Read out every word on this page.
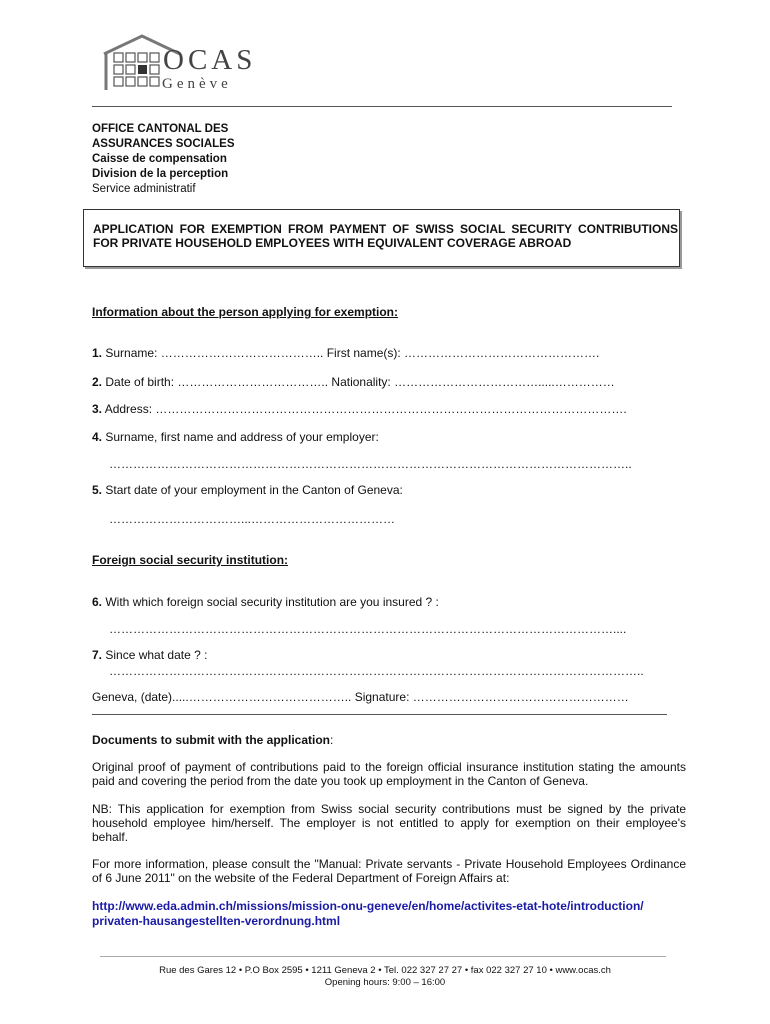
OCAS
Genève
OFFICE CANTONAL DES
ASSURANCES SOCIALES
Caisse de compensation
Division de la perception
Service administratif
APPLICATION FOR EXEMPTION FROM PAYMENT OF SWISS SOCIAL SECURITY CONTRIBUTIONS FOR PRIVATE HOUSEHOLD EMPLOYEES WITH EQUIVALENT COVERAGE ABROAD
Information about the person applying for exemption:
1. Surname: ………………………………….. First name(s): ………………………………………….
2. Date of birth: ……………………………….. Nationality: ……………………………….....……………
3. Address: ……………………………………………………………………………………………………….
4. Surname, first name and address of your employer:
…………………………………………………………………………………………………………………..
5. Start date of your employment in the Canton of Geneva:
……………………………...………………………………
Foreign social security institution:
6. With which foreign social security institution are you insured ? :
………………………………………………………………………………………………………………....
7. Since what date ? :
……………………………………………………………………………………………………………………..
Geneva, (date).....………………………………….. Signature: ………………………………………………
Documents to submit with the application:
Original proof of payment of contributions paid to the foreign official insurance institution stating the amounts paid and covering the period from the date you took up employment in the Canton of Geneva.
NB: This application for exemption from Swiss social security contributions must be signed by the private household employee him/herself. The employer is not entitled to apply for exemption on their employee's behalf.
For more information, please consult the "Manual: Private servants - Private Household Employees Ordinance of 6 June 2011" on the website of the Federal Department of Foreign Affairs at:
http://www.eda.admin.ch/missions/mission-onu-geneve/en/home/activites-etat-hote/introduction/
privaten-hausangestellten-verordnung.html
Rue des Gares 12 • P.O Box 2595 • 1211 Geneva 2 • Tel. 022 327 27 27 • fax 022 327 27 10 • www.ocas.ch
Opening hours: 9:00 – 16:00
